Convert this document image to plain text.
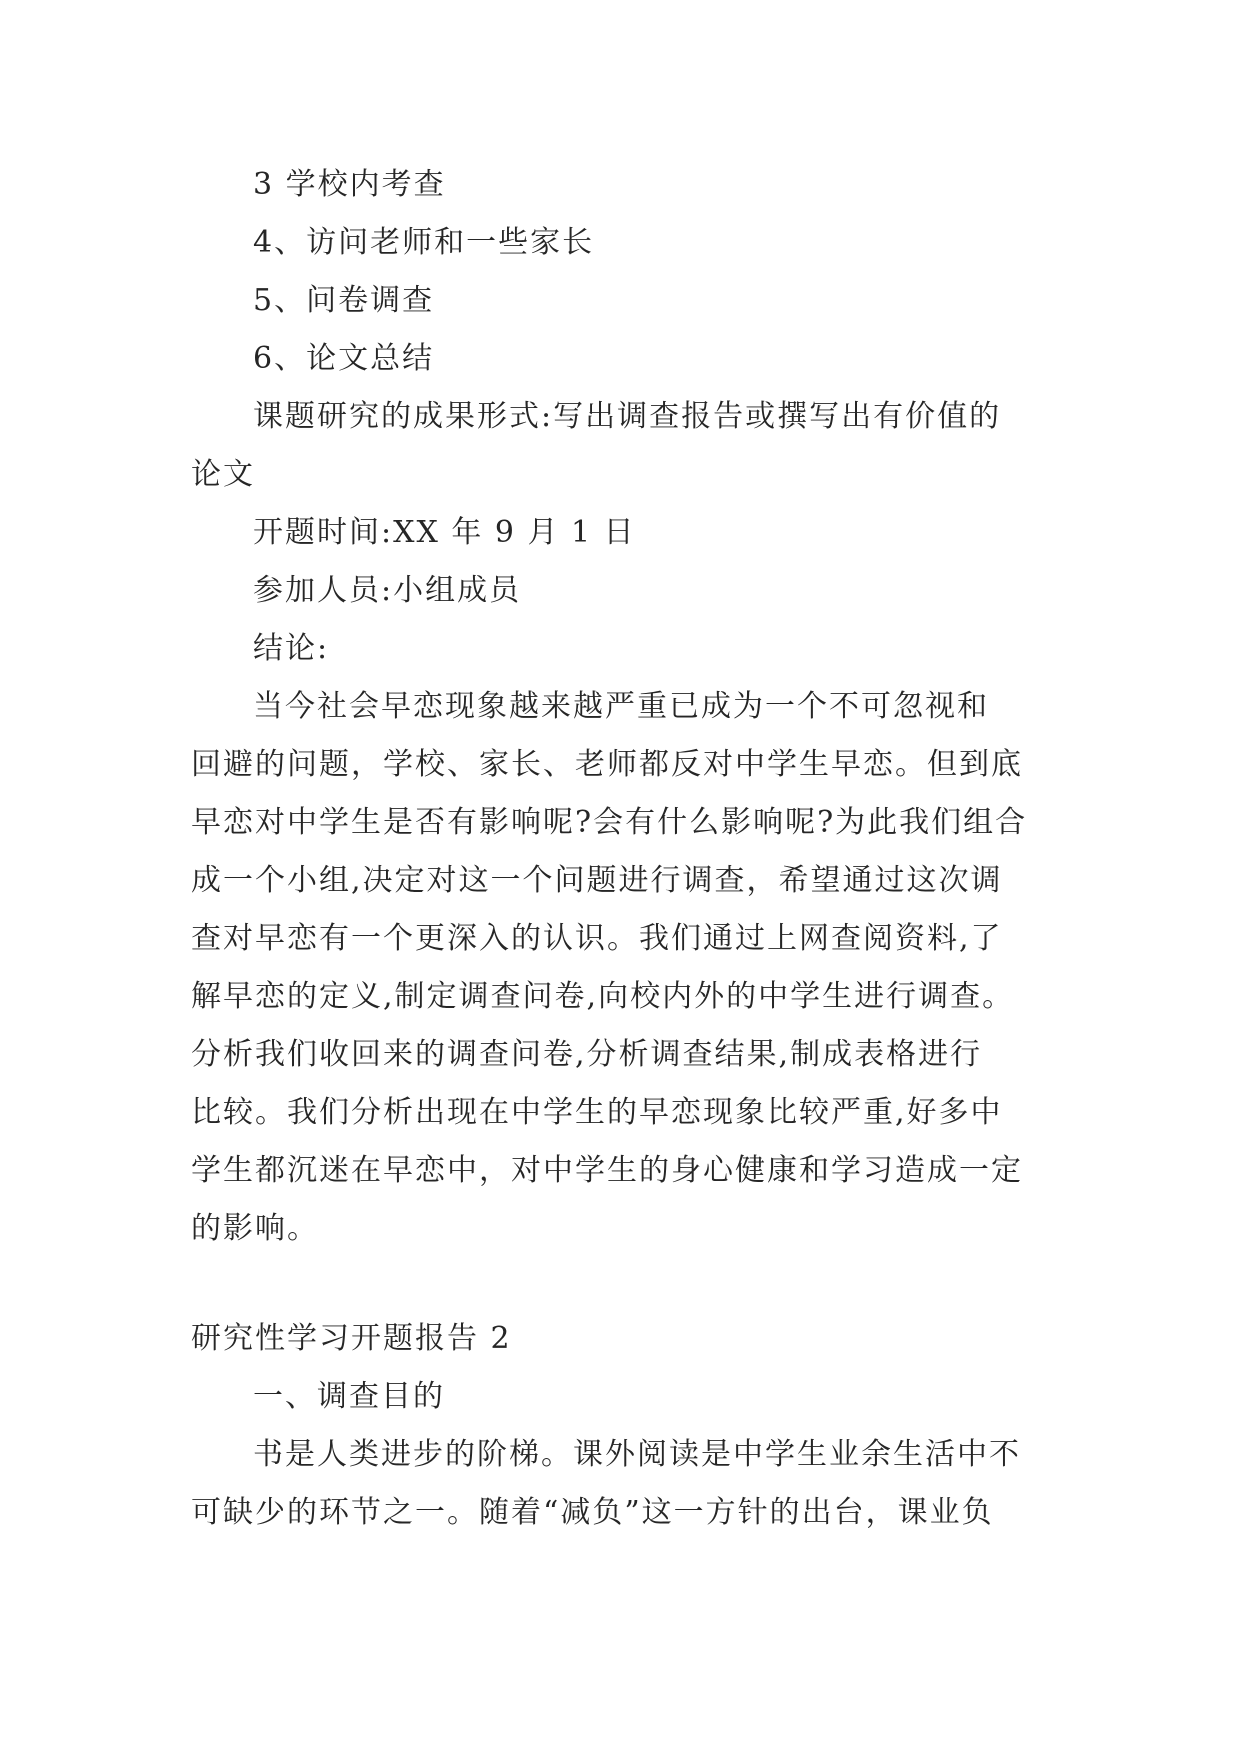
3 学校内考查
4、访问老师和一些家长
5、问卷调查
6、论文总结
课题研究的成果形式:写出调查报告或撰写出有价值的
论文
开题时间:XX 年 9 月 1 日
参加人员:小组成员
结论:
当今社会早恋现象越来越严重已成为一个不可忽视和
回避的问题，学校、家长、老师都反对中学生早恋。但到底
早恋对中学生是否有影响呢?会有什么影响呢?为此我们组合
成一个小组,决定对这一个问题进行调查，希望通过这次调
查对早恋有一个更深入的认识。我们通过上网查阅资料,了
解早恋的定义,制定调查问卷,向校内外的中学生进行调查。
分析我们收回来的调查问卷,分析调查结果,制成表格进行
比较。我们分析出现在中学生的早恋现象比较严重,好多中
学生都沉迷在早恋中，对中学生的身心健康和学习造成一定
的影响。
研究性学习开题报告 2
一、调查目的
书是人类进步的阶梯。课外阅读是中学生业余生活中不
可缺少的环节之一。随着“减负”这一方针的出台，课业负
